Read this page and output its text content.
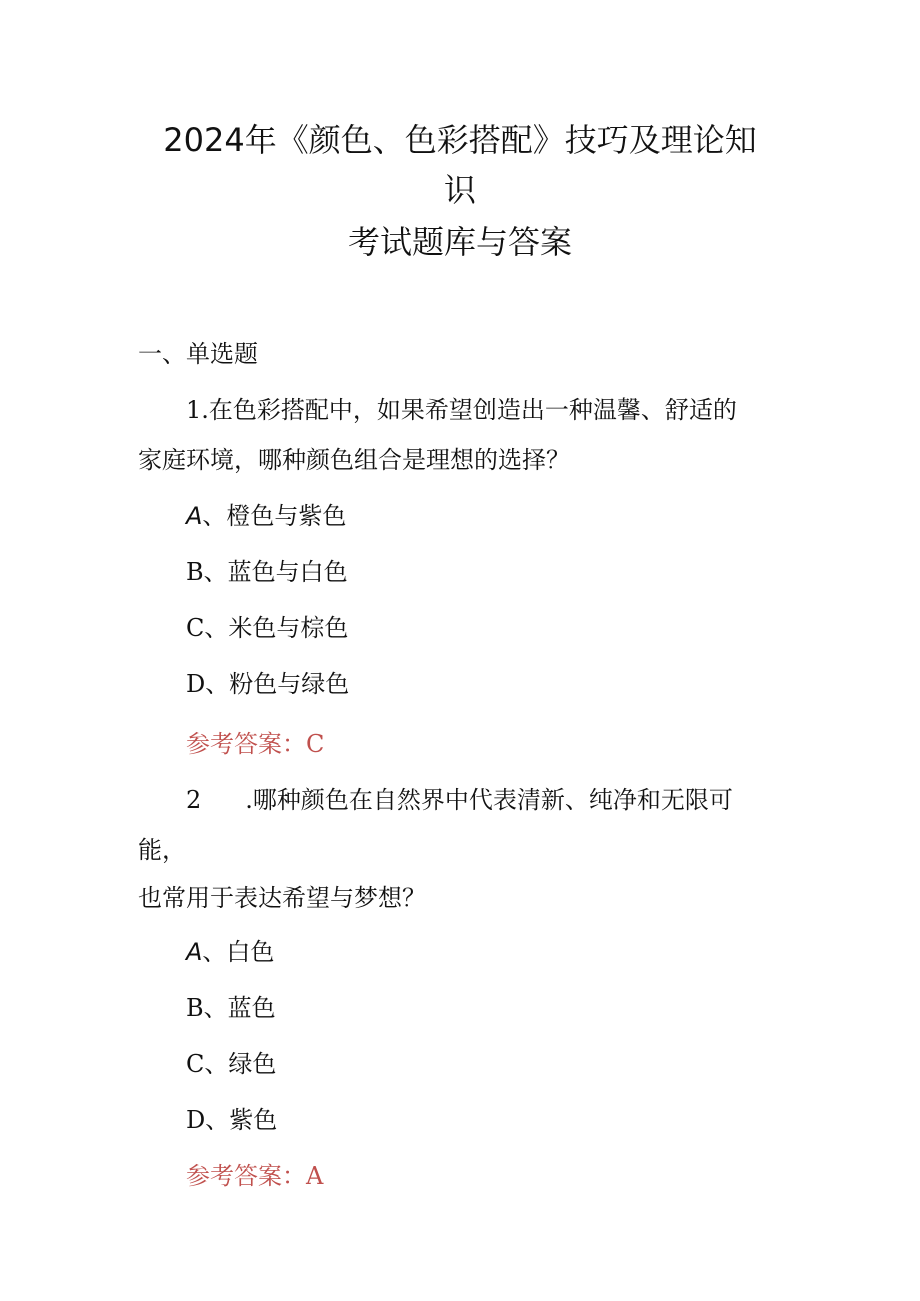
2024年《颜色、色彩搭配》技巧及理论知
识
考试题库与答案
一、单选题
1.在色彩搭配中，如果希望创造出一种温馨、舒适的
家庭环境，哪种颜色组合是理想的选择？
A、橙色与紫色
B、蓝色与白色
C、米色与棕色
D、粉色与绿色
参考答案：C
2 .哪种颜色在自然界中代表清新、纯净和无限可
能，
也常用于表达希望与梦想？
A、白色
B、蓝色
C、绿色
D、紫色
参考答案：A
